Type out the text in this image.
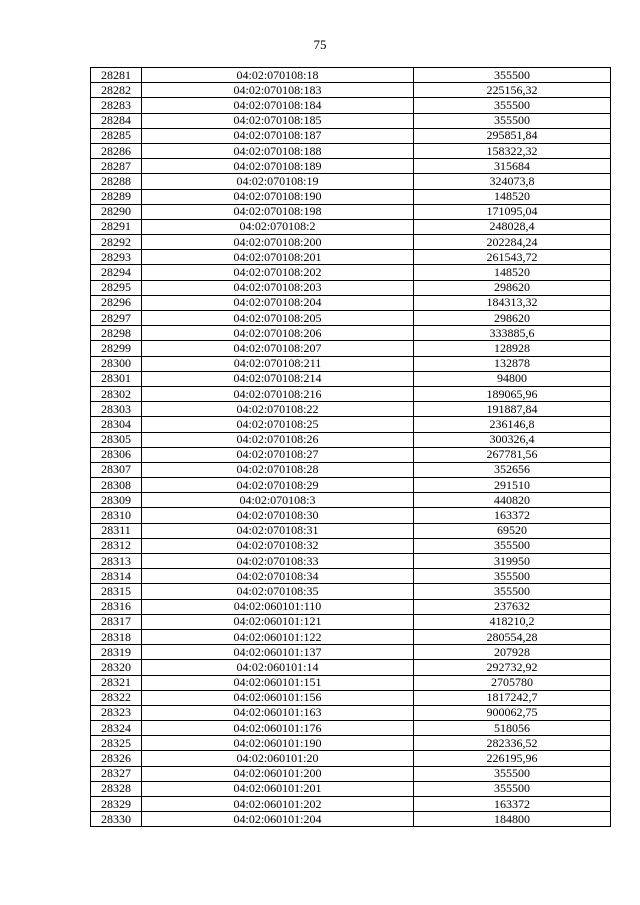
75
28281	04:02:070108:18	355500
28282	04:02:070108:183	225156,32
28283	04:02:070108:184	355500
28284	04:02:070108:185	355500
28285	04:02:070108:187	295851,84
28286	04:02:070108:188	158322,32
28287	04:02:070108:189	315684
28288	04:02:070108:19	324073,8
28289	04:02:070108:190	148520
28290	04:02:070108:198	171095,04
28291	04:02:070108:2	248028,4
28292	04:02:070108:200	202284,24
28293	04:02:070108:201	261543,72
28294	04:02:070108:202	148520
28295	04:02:070108:203	298620
28296	04:02:070108:204	184313,32
28297	04:02:070108:205	298620
28298	04:02:070108:206	333885,6
28299	04:02:070108:207	128928
28300	04:02:070108:211	132878
28301	04:02:070108:214	94800
28302	04:02:070108:216	189065,96
28303	04:02:070108:22	191887,84
28304	04:02:070108:25	236146,8
28305	04:02:070108:26	300326,4
28306	04:02:070108:27	267781,56
28307	04:02:070108:28	352656
28308	04:02:070108:29	291510
28309	04:02:070108:3	440820
28310	04:02:070108:30	163372
28311	04:02:070108:31	69520
28312	04:02:070108:32	355500
28313	04:02:070108:33	319950
28314	04:02:070108:34	355500
28315	04:02:070108:35	355500
28316	04:02:060101:110	237632
28317	04:02:060101:121	418210,2
28318	04:02:060101:122	280554,28
28319	04:02:060101:137	207928
28320	04:02:060101:14	292732,92
28321	04:02:060101:151	2705780
28322	04:02:060101:156	1817242,7
28323	04:02:060101:163	900062,75
28324	04:02:060101:176	518056
28325	04:02:060101:190	282336,52
28326	04:02:060101:20	226195,96
28327	04:02:060101:200	355500
28328	04:02:060101:201	355500
28329	04:02:060101:202	163372
28330	04:02:060101:204	184800
